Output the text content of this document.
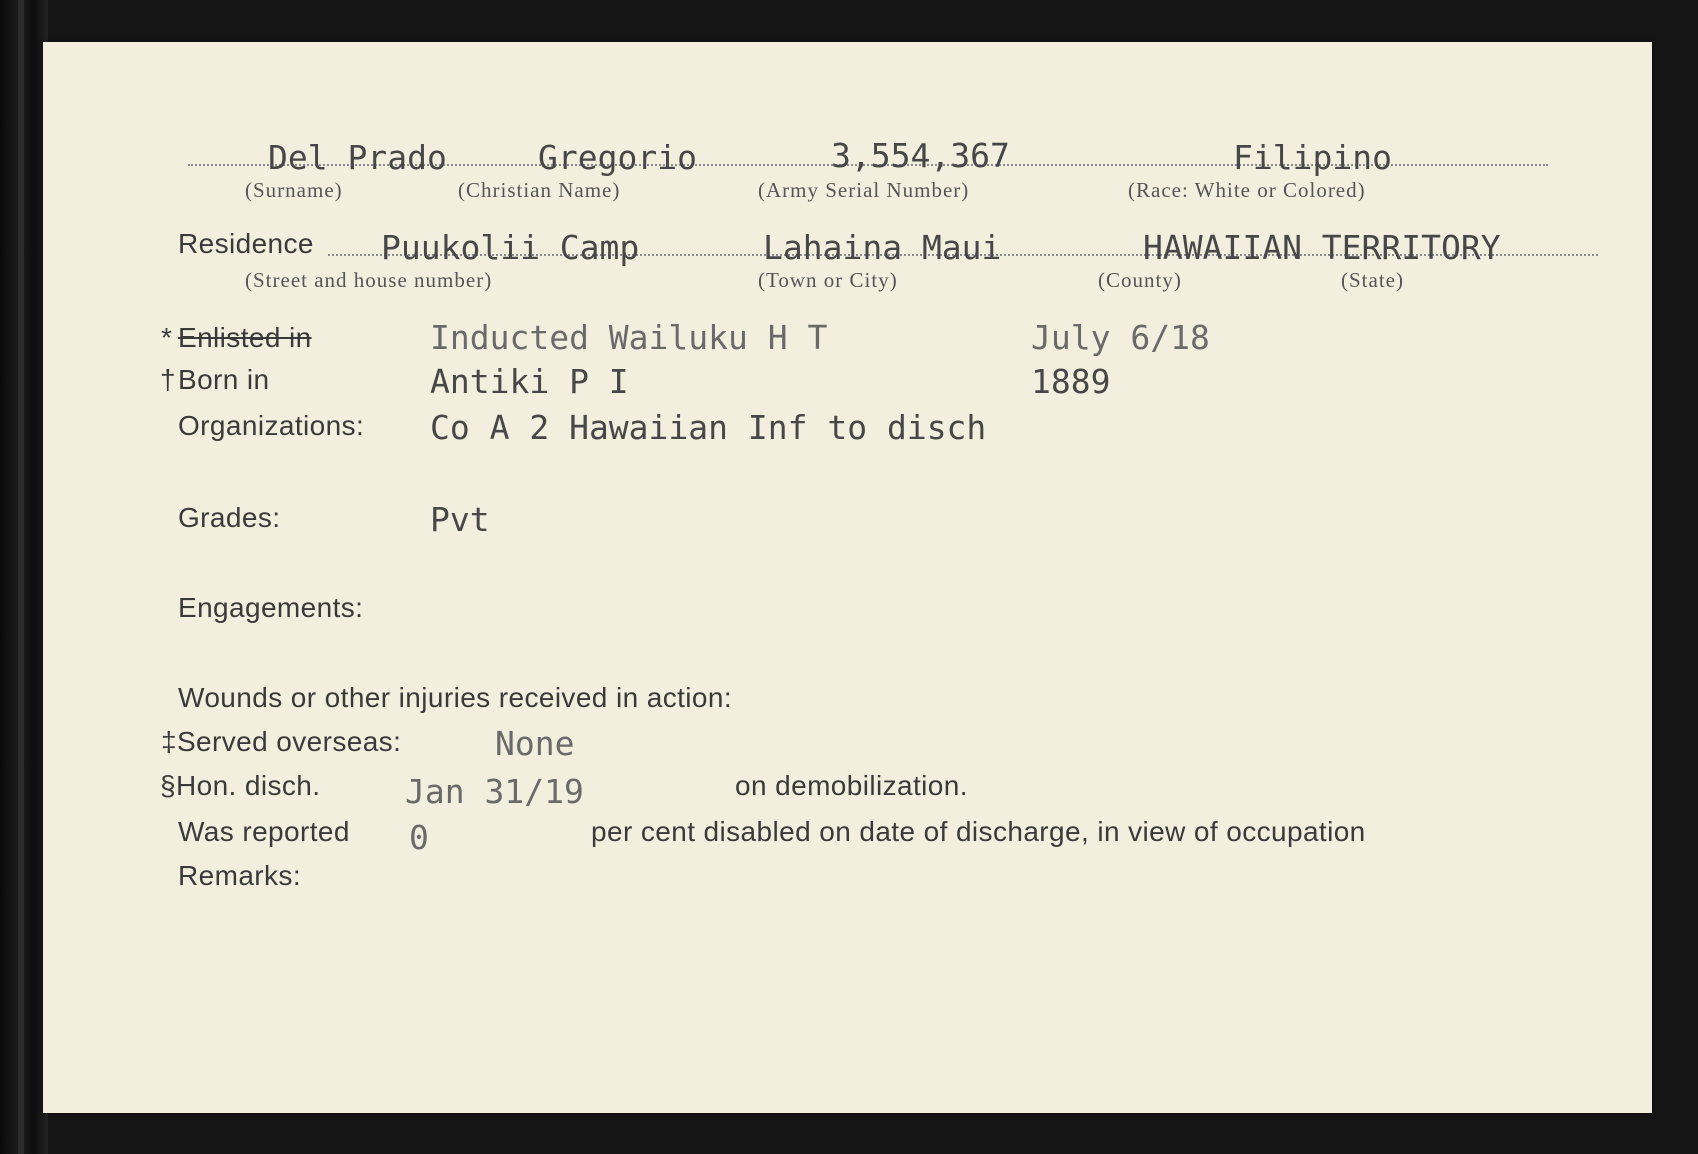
Del Prado	Gregorio	3,554,367	Filipino
(Surname)	(Christian Name)	(Army Serial Number)	(Race: White or Colored)
Residence Puukolii Camp	Lahaina Maui	HAWAIIAN TERRITORY
(Street and house number)	(Town or City)	(County)	(State)
* Enlisted in	Inducted Wailuku H T	July 6/18
† Born in	Antiki P I	1889
Organizations: Co A 2 Hawaiian Inf to disch
Grades:	Pvt
Engagements:
Wounds or other injuries received in action:
‡Served overseas:	None
§Hon. disch.	Jan 31/19	on demobilization.
Was reported 0	per cent disabled on date of discharge, in view of occupation
Remarks:
